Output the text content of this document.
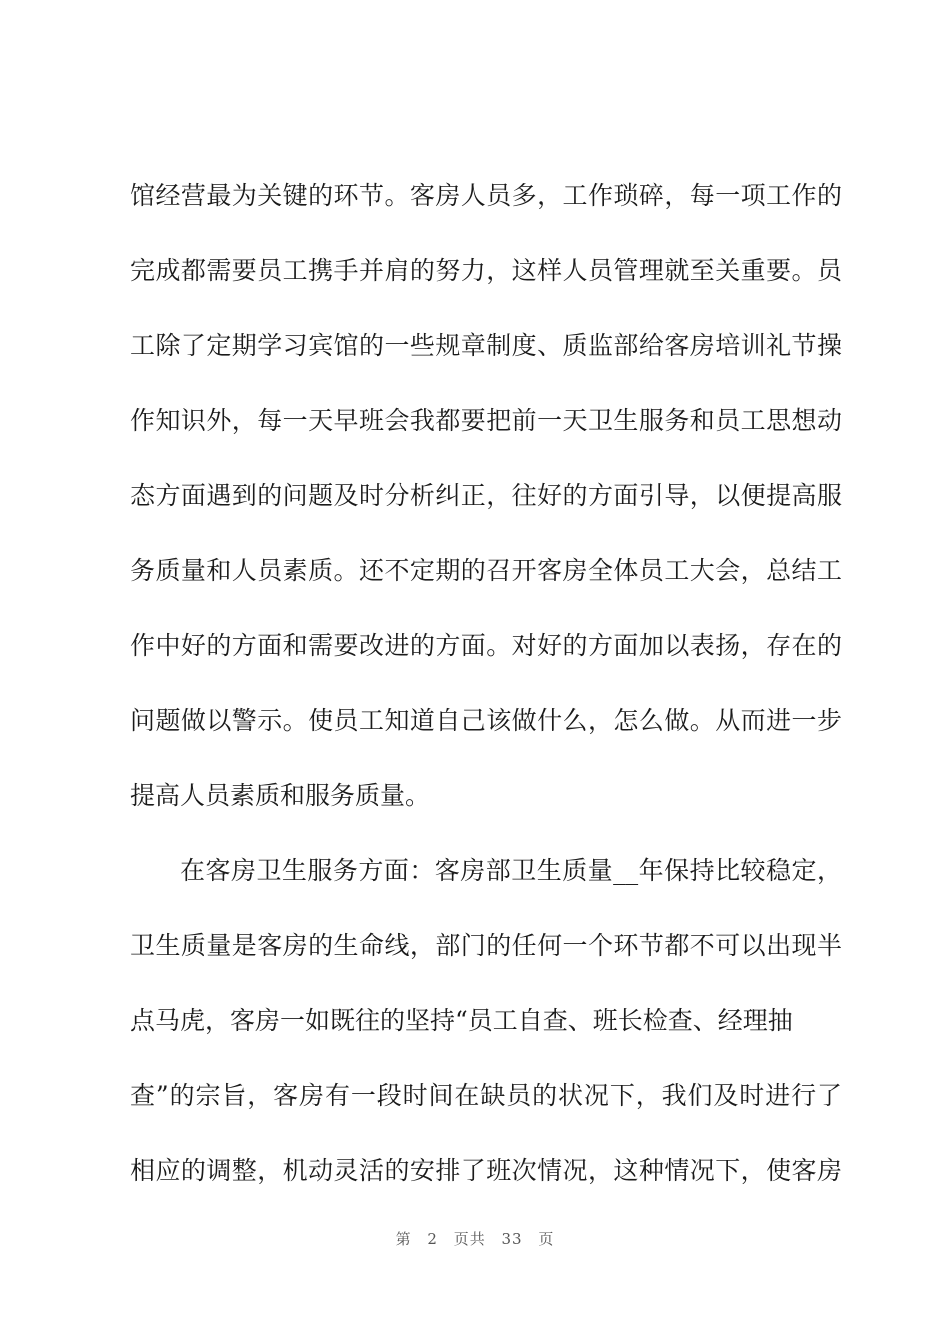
馆经营最为关键的环节。客房人员多，工作琐碎，每一项工作的
完成都需要员工携手并肩的努力，这样人员管理就至关重要。员
工除了定期学习宾馆的一些规章制度、质监部给客房培训礼节操
作知识外，每一天早班会我都要把前一天卫生服务和员工思想动
态方面遇到的问题及时分析纠正，往好的方面引导，以便提高服
务质量和人员素质。还不定期的召开客房全体员工大会，总结工
作中好的方面和需要改进的方面。对好的方面加以表扬，存在的
问题做以警示。使员工知道自己该做什么，怎么做。从而进一步
提高人员素质和服务质量。
在客房卫生服务方面：客房部卫生质量__年保持比较稳定，
卫生质量是客房的生命线，部门的任何一个环节都不可以出现半
点马虎，客房一如既往的坚持“员工自查、班长检查、经理抽
查”的宗旨，客房有一段时间在缺员的状况下，我们及时进行了
相应的调整，机动灵活的安排了班次情况，这种情况下，使客房
第 2 页共 33 页
